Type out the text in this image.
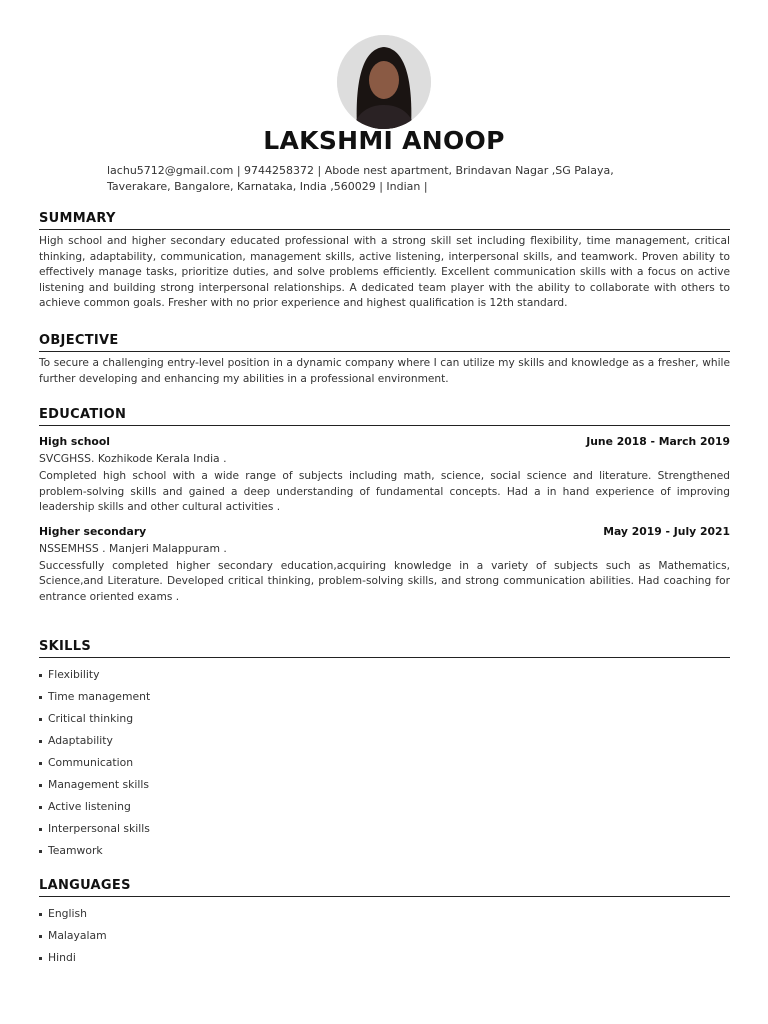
LAKSHMI ANOOP
lachu5712@gmail.com | 9744258372 | Abode nest apartment, Brindavan Nagar ,SG Palaya,
Taverakare, Bangalore, Karnataka, India ,560029 | Indian |
SUMMARY

High school and higher secondary educated professional with a strong skill set including flexibility, time management, critical thinking, adaptability, communication, management skills, active listening, interpersonal skills, and teamwork. Proven ability to effectively manage tasks, prioritize duties, and solve problems efficiently. Excellent communication skills with a focus on active listening and building strong interpersonal relationships. A dedicated team player with the ability to collaborate with others to achieve common goals. Fresher with no prior experience and highest qualification is 12th standard.

OBJECTIVE

To secure a challenging entry-level position in a dynamic company where I can utilize my skills and knowledge as a fresher, while further developing and enhancing my abilities in a professional environment.

EDUCATION
High school	June 2018 - March 2019
SVCGHSS. Kozhikode Kerala India .

Completed high school with a wide range of subjects including math, science, social science and literature. Strengthened problem-solving skills and gained a deep understanding of fundamental concepts. Had a in hand experience of improving leadership skills and other cultural activities .

Higher secondary	May 2019 - July 2021
NSSEMHSS . Manjeri Malappuram .

Successfully completed higher secondary education,acquiring knowledge in a variety of subjects such as Mathematics, Science,and Literature. Developed critical thinking, problem-solving skills, and strong communication abilities. Had coaching for entrance oriented exams .

SKILLS
Flexibility
Time management
Critical thinking
Adaptability
Communication
Management skills
Active listening
Interpersonal skills
Teamwork
LANGUAGES
English
Malayalam
Hindi
